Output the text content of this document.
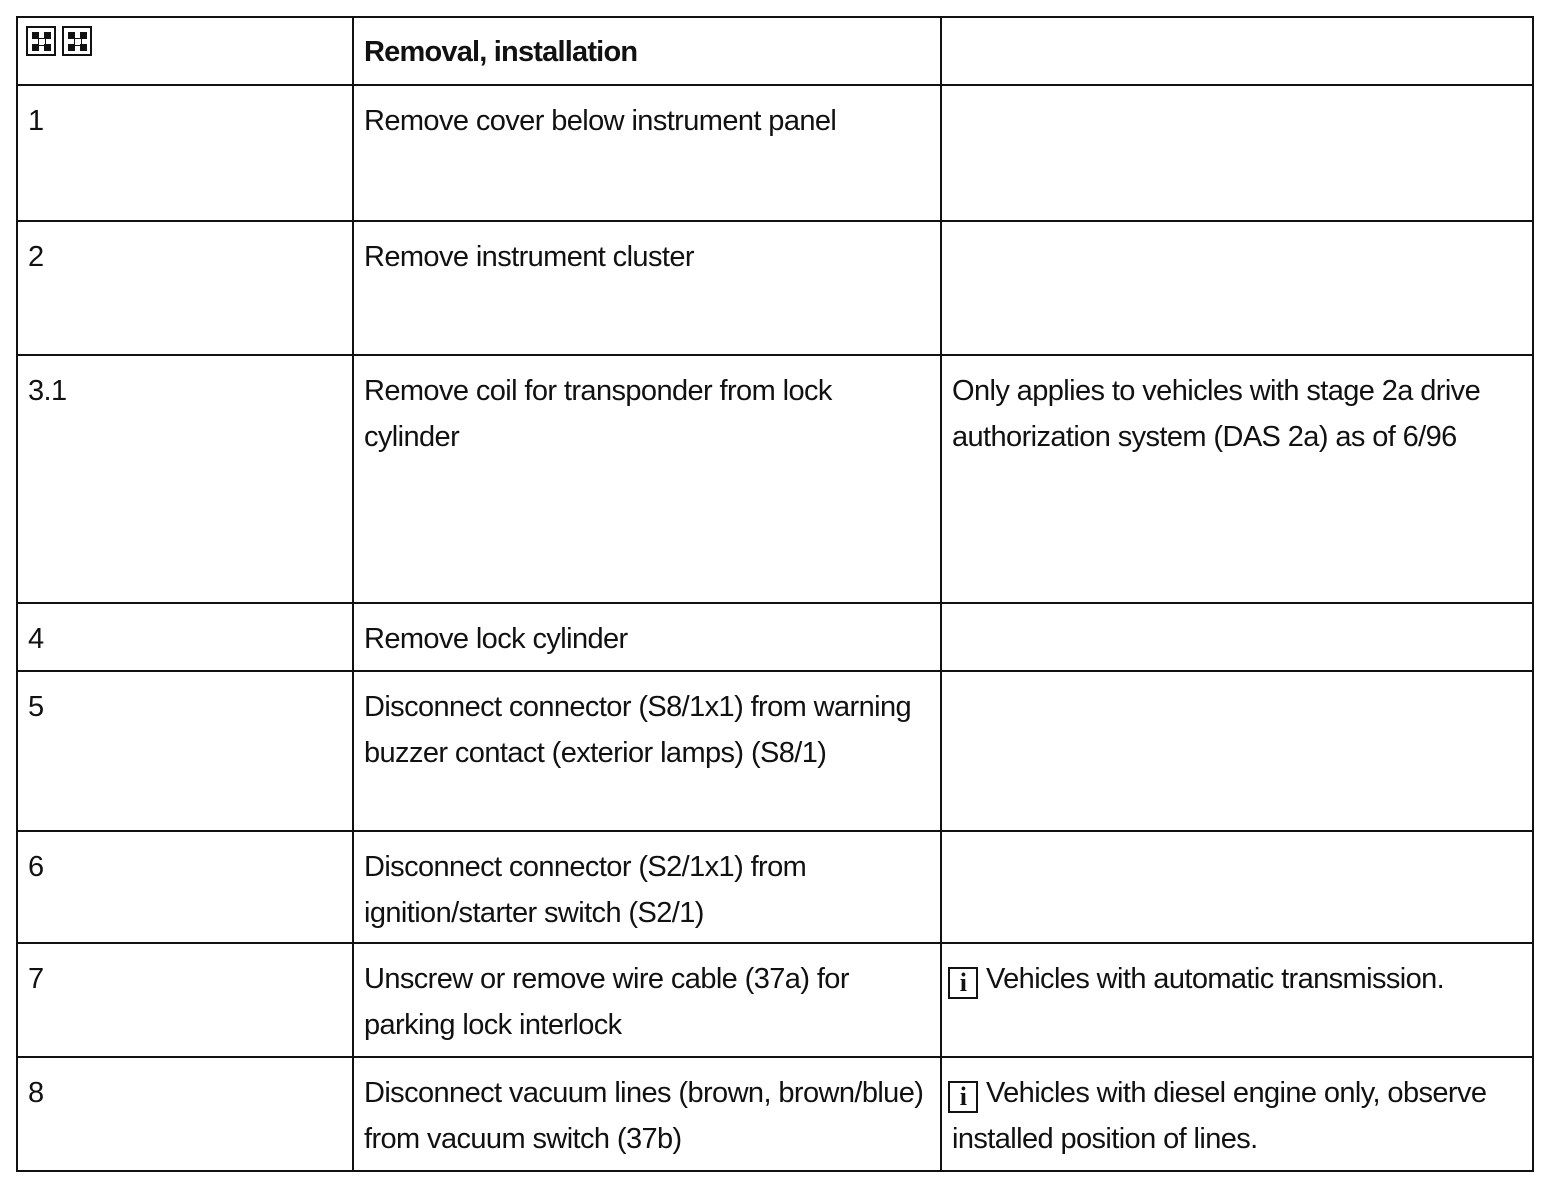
	Removal, installation	

1	Remove cover below instrument panel	

2	Remove instrument cluster	

3.1	Remove coil for transponder from lock cylinder	Only applies to vehicles with stage 2a drive authorization system (DAS 2a) as of 6/96

4	Remove lock cylinder	

5	Disconnect connector (S8/1x1) from warning buzzer contact (exterior lamps) (S8/1)	

6	Disconnect connector (S2/1x1) from ignition/starter switch (S2/1)	

7	Unscrew or remove wire cable (37a) for parking lock interlock	i Vehicles with automatic transmission.

8	Disconnect vacuum lines (brown, brown/blue) from vacuum switch (37b)	i Vehicles with diesel engine only, observe installed position of lines.
